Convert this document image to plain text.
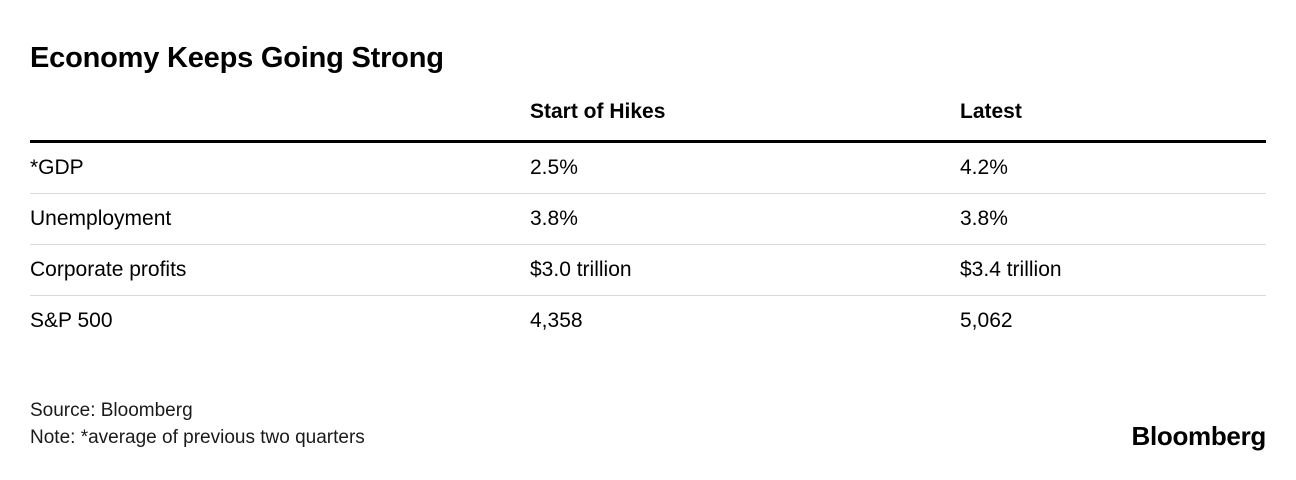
Economy Keeps Going Strong
	Start of Hikes	Latest
*GDP	2.5%	4.2%
Unemployment	3.8%	3.8%
Corporate profits	$3.0 trillion	$3.4 trillion
S&P 500	4,358	5,062
Source: Bloomberg
Note: *average of previous two quarters	Bloomberg
